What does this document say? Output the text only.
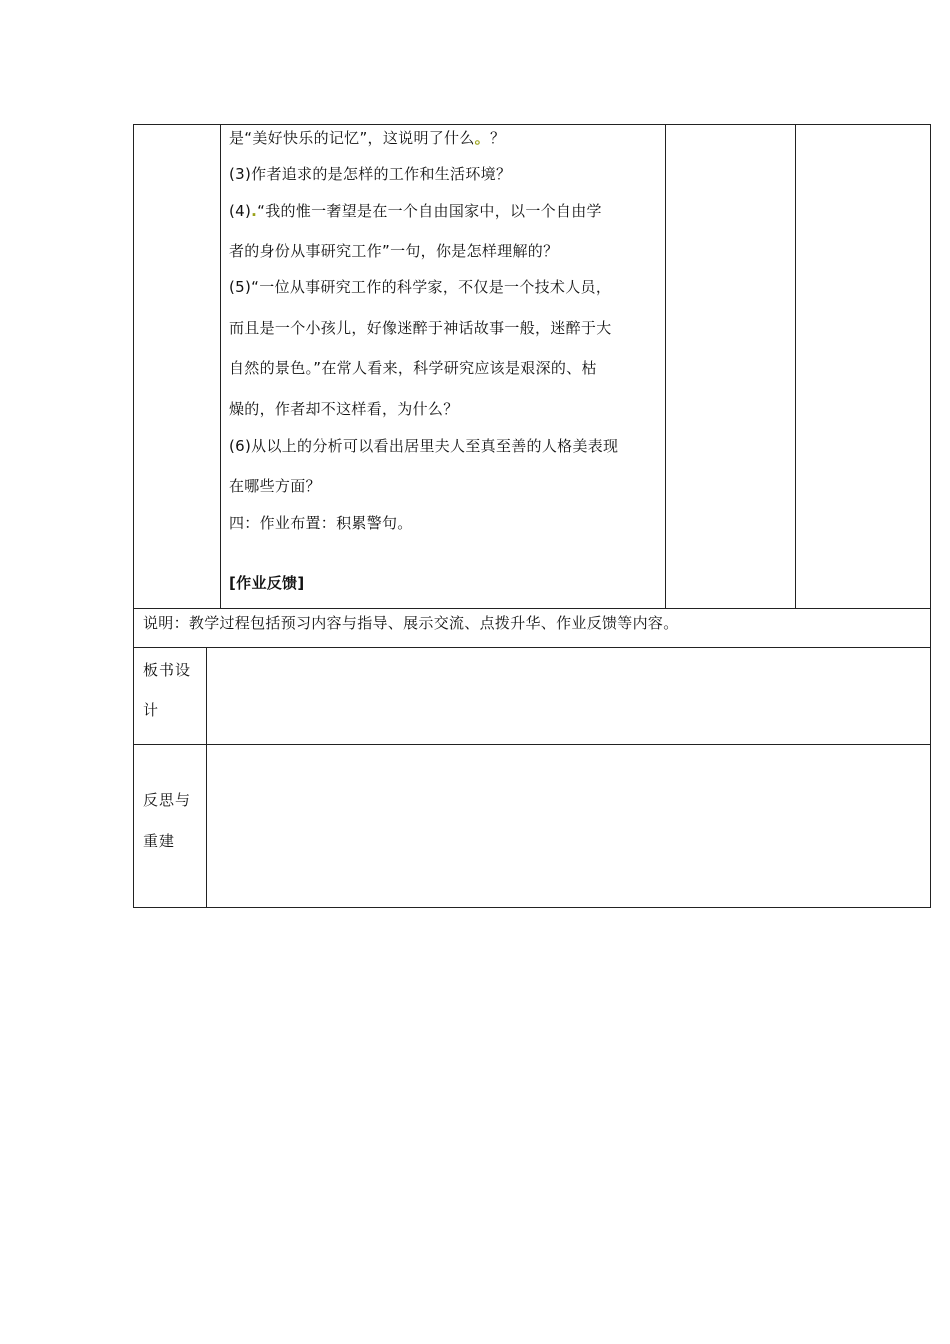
是“美好快乐的记忆”，这说明了什么。？

(3)作者追求的是怎样的工作和生活环境？

(4).“我的惟一奢望是在一个自由国家中，以一个自由学

者的身份从事研究工作”一句，你是怎样理解的？

(5)“一位从事研究工作的科学家，不仅是一个技术人员，

而且是一个小孩儿，好像迷醉于神话故事一般，迷醉于大

自然的景色。”在常人看来，科学研究应该是艰深的、枯

燥的，作者却不这样看，为什么？

(6)从以上的分析可以看出居里夫人至真至善的人格美表现

在哪些方面？

四：作业布置：积累警句。

[作业反馈]

说明：教学过程包括预习内容与指导、展示交流、点拨升华、作业反馈等内容。
板书设
计
反思与
重建
